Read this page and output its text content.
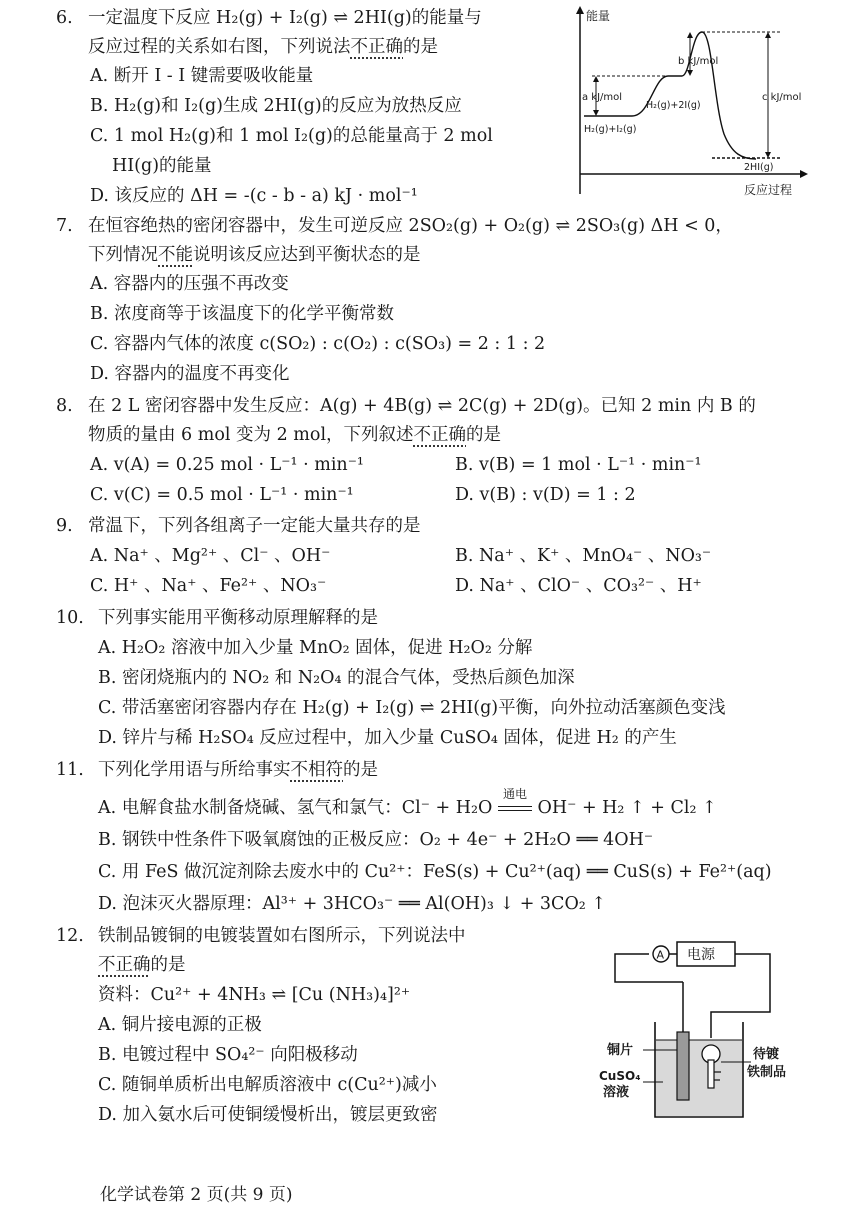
6. 一定温度下反应 H₂(g) + I₂(g) ⇌ 2HI(g)的能量与
反应过程的关系如右图，下列说法不正确的是
A. 断开 I - I 键需要吸收能量
B. H₂(g)和 I₂(g)生成 2HI(g)的反应为放热反应
C. 1 mol H₂(g)和 1 mol I₂(g)的总能量高于 2 mol
HI(g)的能量
D. 该反应的 ΔH = -(c - b - a) kJ · mol⁻¹
能量
反应过程
b kJ/mol
a kJ/mol	c kJ/mol
H₂(g)+2I(g)
H₂(g)+I₂(g)
2HI(g)
7. 在恒容绝热的密闭容器中，发生可逆反应 2SO₂(g) + O₂(g) ⇌ 2SO₃(g) ΔH < 0，
下列情况不能说明该反应达到平衡状态的是
A. 容器内的压强不再改变
B. 浓度商等于该温度下的化学平衡常数
C. 容器内气体的浓度 c(SO₂) : c(O₂) : c(SO₃) = 2 : 1 : 2
D. 容器内的温度不再变化
8. 在 2 L 密闭容器中发生反应：A(g) + 4B(g) ⇌ 2C(g) + 2D(g)。已知 2 min 内 B 的
物质的量由 6 mol 变为 2 mol，下列叙述不正确的是
A. v(A) = 0.25 mol · L⁻¹ · min⁻¹	B. v(B) = 1 mol · L⁻¹ · min⁻¹
C. v(C) = 0.5 mol · L⁻¹ · min⁻¹	D. v(B) : v(D) = 1 : 2
9. 常温下，下列各组离子一定能大量共存的是
A. Na⁺ 、Mg²⁺ 、Cl⁻ 、OH⁻	B. Na⁺ 、K⁺ 、MnO₄⁻ 、NO₃⁻
C. H⁺ 、Na⁺ 、Fe²⁺ 、NO₃⁻	D. Na⁺ 、ClO⁻ 、CO₃²⁻ 、H⁺
10. 下列事实能用平衡移动原理解释的是
A. H₂O₂ 溶液中加入少量 MnO₂ 固体，促进 H₂O₂ 分解
B. 密闭烧瓶内的 NO₂ 和 N₂O₄ 的混合气体，受热后颜色加深
C. 带活塞密闭容器内存在 H₂(g) + I₂(g) ⇌ 2HI(g)平衡，向外拉动活塞颜色变浅
D. 锌片与稀 H₂SO₄ 反应过程中，加入少量 CuSO₄ 固体，促进 H₂ 的产生
11. 下列化学用语与所给事实不相符的是
A. 电解食盐水制备烧碱、氢气和氯气：Cl⁻ + H₂O
通电
OH⁻ + H₂ ↑ + Cl₂ ↑
B. 钢铁中性条件下吸氧腐蚀的正极反应：O₂ + 4e⁻ + 2H₂O ══ 4OH⁻
C. 用 FeS 做沉淀剂除去废水中的 Cu²⁺：FeS(s) + Cu²⁺(aq) ══ CuS(s) + Fe²⁺(aq)
D. 泡沫灭火器原理：Al³⁺ + 3HCO₃⁻ ══ Al(OH)₃ ↓ + 3CO₂ ↑
12. 铁制品镀铜的电镀装置如右图所示，下列说法中
不正确的是
资料：Cu²⁺ + 4NH₃ ⇌ [Cu (NH₃)₄]²⁺
A. 铜片接电源的正极
B. 电镀过程中 SO₄²⁻ 向阳极移动
C. 随铜单质析出电解质溶液中 c(Cu²⁺)减小
D. 加入氨水后可使铜缓慢析出，镀层更致密
A 电源
铜片
CuSO₄
溶液
待镀
铁制品
化学试卷第 2 页(共 9 页)
